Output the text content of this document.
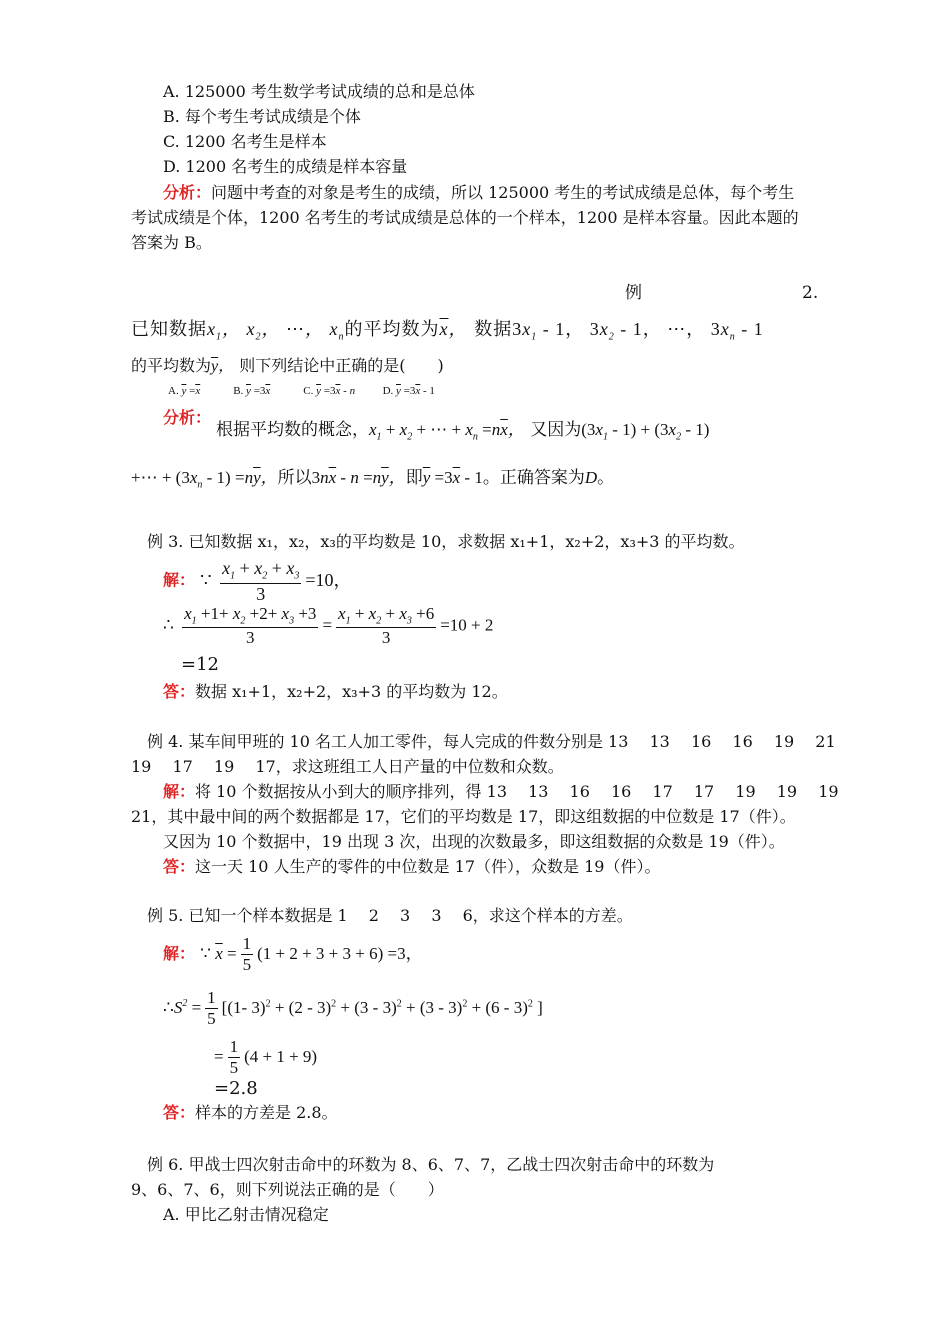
A. 125000 考生数学考试成绩的总和是总体
B. 每个考生考试成绩是个体
C. 1200 名考生是样本
D. 1200 名考生的成绩是样本容量
分析：问题中考查的对象是考生的成绩，所以 125000 考生的考试成绩是总体，每个考生
考试成绩是个体，1200 名考生的考试成绩是总体的一个样本，1200 是样本容量。因此本题的
答案为 B。
例	2.
已知数据$x_1$， $x_2$， ⋯， $x_n$的平均数为$\overline{x}$， 数据$3x_1 - 1$， $3x_2 - 1$， ⋯， $3x_n - 1$
的平均数为$\overline{y}$， 则下列结论中正确的是(　　)
A. $\overline{y} =\overline{x}$	B. $\overline{y} =3\overline{x}$	C. $\overline{y} =3\overline{x} - n$          D. $\overline{y} =3\overline{x} - 1$
分析：
根据平均数的概念，$x_1 + x_2$ + ⋯ + $x_n =n\overline{x}$， 又因为$(3x_1 - 1) + (3x_2 - 1)$
+⋯ + $(3x_n - 1) =n\overline{y}$，所以$3n\overline{x} - n =n\overline{y}$，即$\overline{y} =3\overline{x} - 1$。正确答案为D。
例 3. 已知数据 x₁，x₂，x₃的平均数是 10，求数据 x₁+1，x₂+2，x₃+3 的平均数。
解： ∵ $\frac{x_1 + x_2 + x_3}{3} =10$，
∴ $\frac{x_1 +1+ x_2 +2+ x_3 +3}{3} = \frac{x_1 + x_2 + x_3 +6}{3} =10 + 2$
=12
答：数据 x₁+1，x₂+2，x₃+3 的平均数为 12。
例 4. 某车间甲班的 10 名工人加工零件，每人完成的件数分别是 13　 13　 16　 16　 19　 21
19　 17　 19　 17，求这班组工人日产量的中位数和众数。
解：将 10 个数据按从小到大的顺序排列，得 13　 13　 16　 16　 17　 17　 19　 19　 19
21，其中最中间的两个数据都是 17，它们的平均数是 17，即这组数据的中位数是 17（件）。
又因为 10 个数据中，19 出现 3 次，出现的次数最多，即这组数据的众数是 19（件）。
答：这一天 10 人生产的零件的中位数是 17（件），众数是 19（件）。
例 5. 已知一个样本数据是 1　 2　 3　 3　 6，求这个样本的方差。
解： ∵ $\overline{x} = \frac{1}{5} (1 + 2 + 3 + 3 + 6) =3$，
$\therefore S^2 = \frac{1}{5} [(1-$ 3)$^2$ + (2 - 3)$^2$ + (3 - 3)$^2$ + (3 - 3)$^2$ + (6 - 3)$^2$ ]
= $\frac{1}{5} (4 + 1 + 9)$
=2.8
答：样本的方差是 2.8。
例 6. 甲战士四次射击命中的环数为 8、6、7、7，乙战士四次射击命中的环数为
9、6、7、6，则下列说法正确的是（　　）
A. 甲比乙射击情况稳定
